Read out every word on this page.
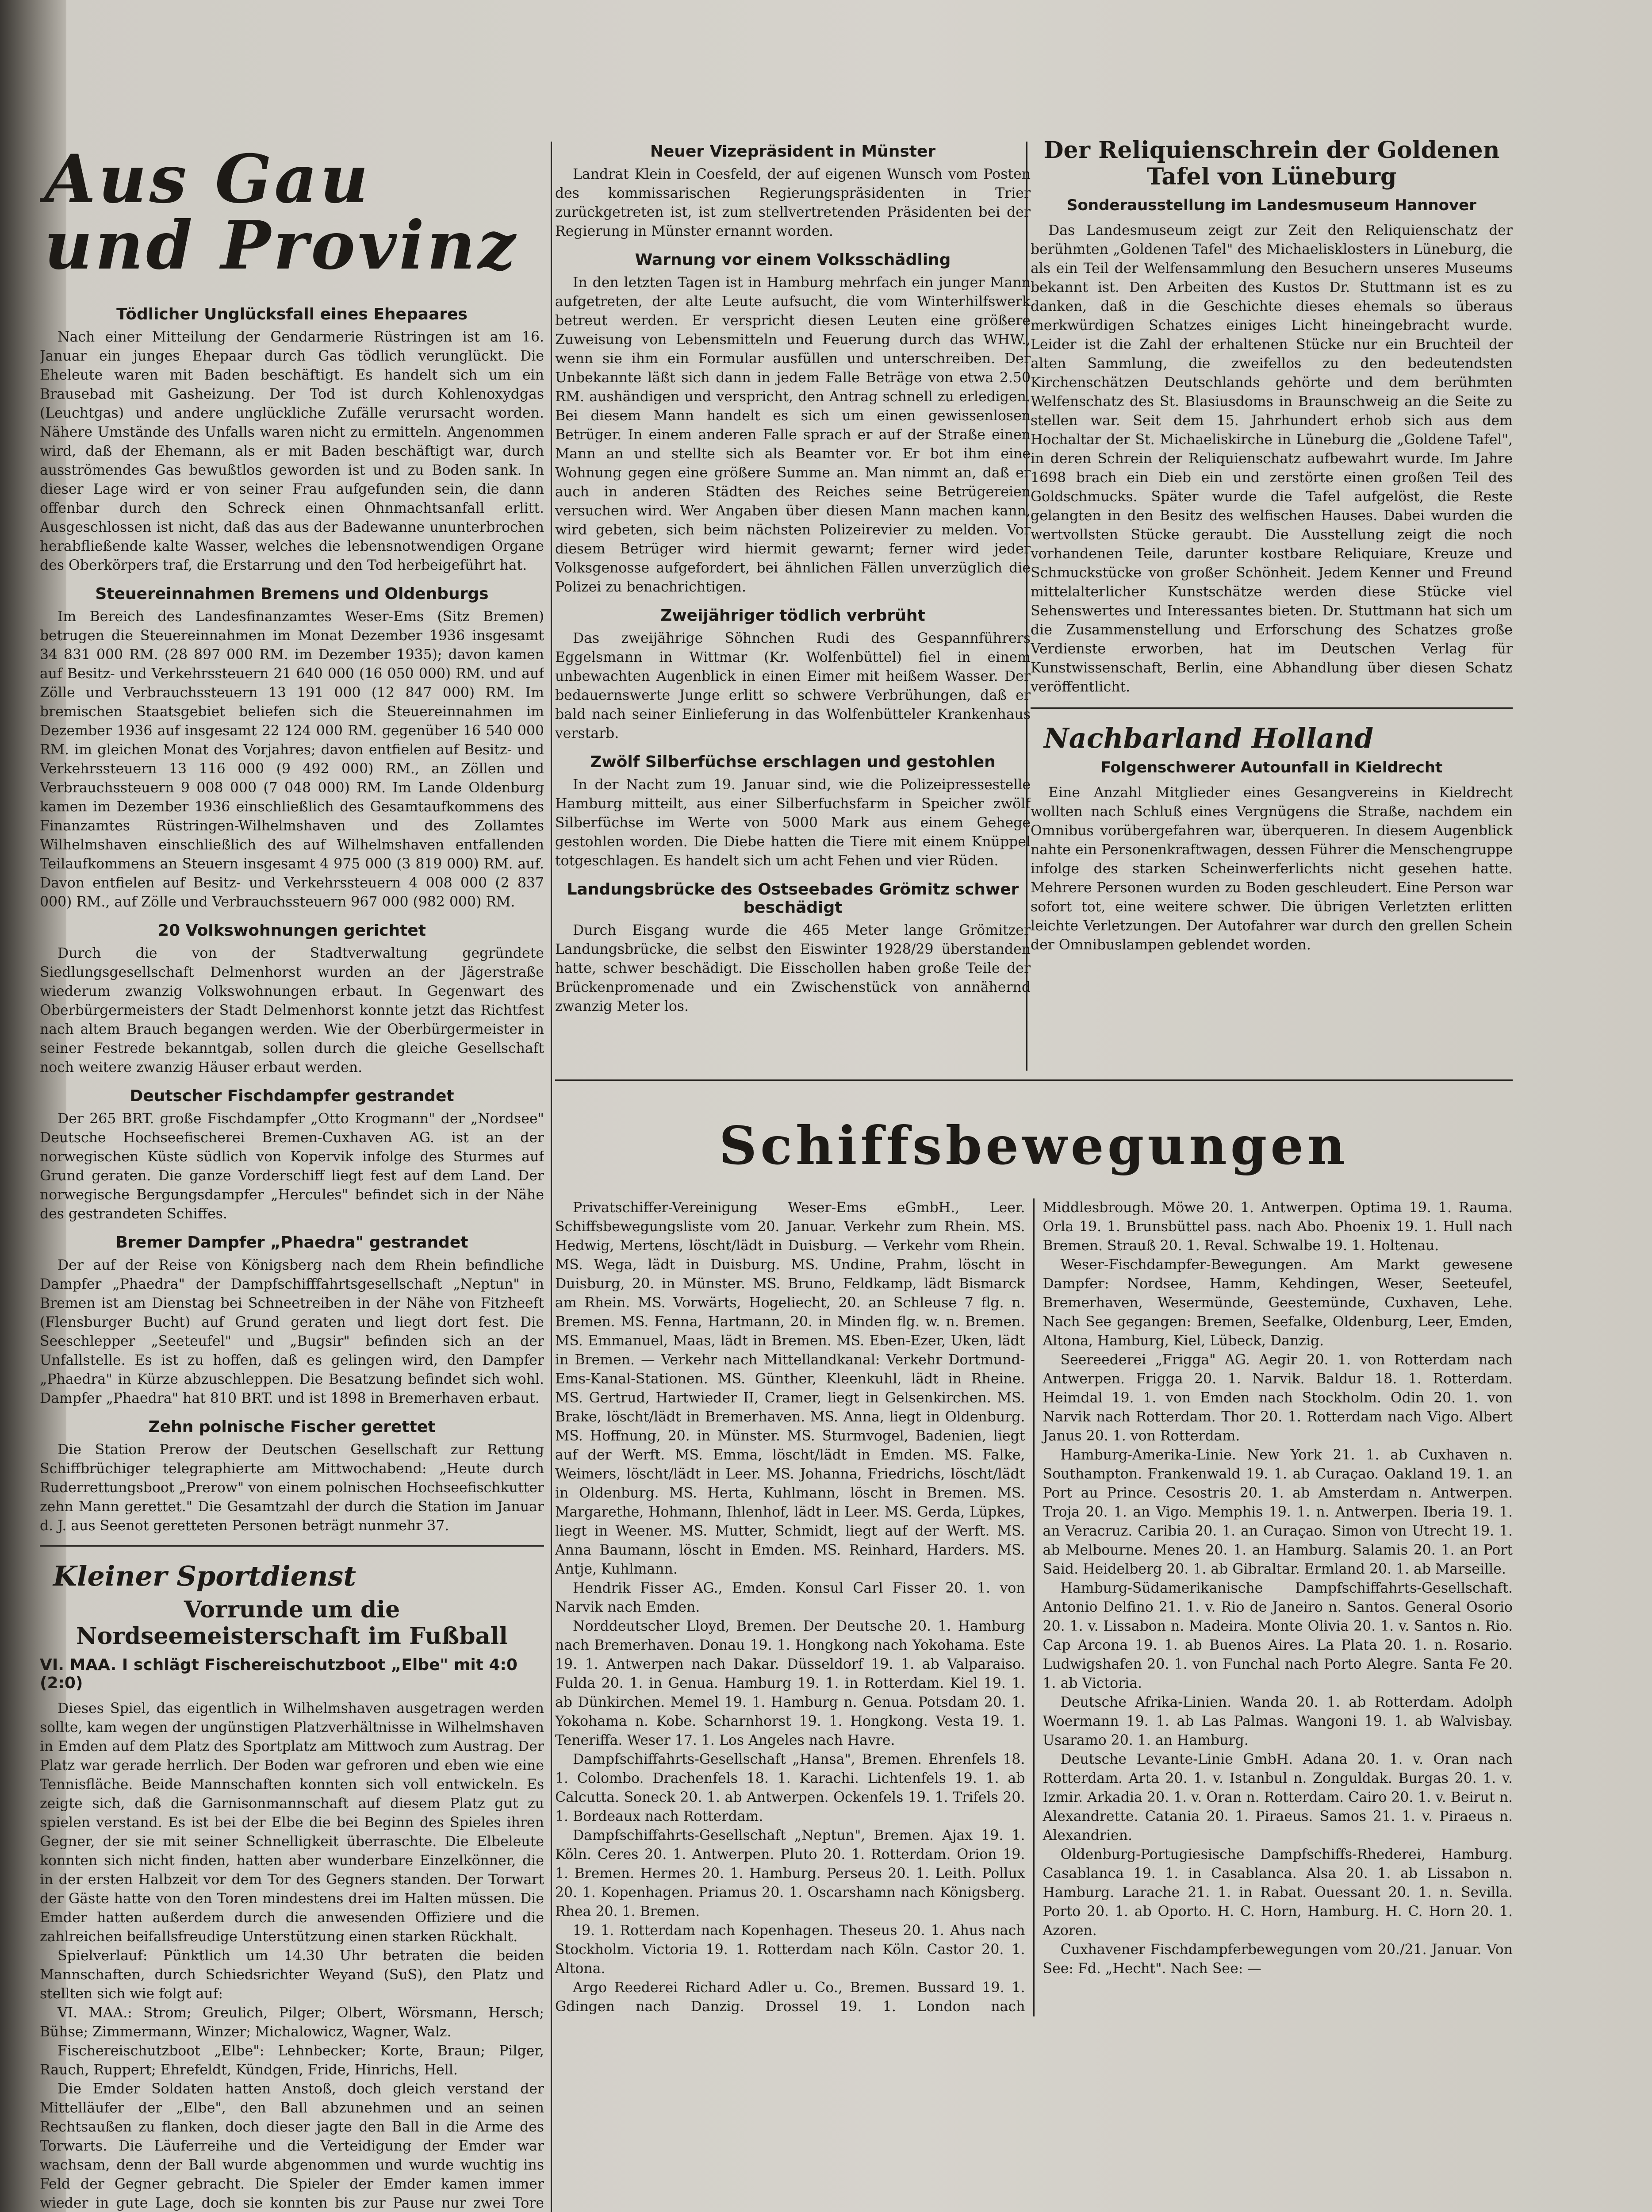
Aus Gau und Provinz
Tödlicher Unglücksfall eines Ehepaares

Nach einer Mitteilung der Gendarmerie Rüstringen ist am 16. Januar ein junges Ehepaar durch Gas tödlich verunglückt. Die Eheleute waren mit Baden beschäftigt. Es handelt sich um ein Brausebad mit Gasheizung. Der Tod ist durch Kohlenoxydgas (Leuchtgas) und andere unglückliche Zufälle verursacht worden. Nähere Umstände des Unfalls waren nicht zu ermitteln. Angenommen wird, daß der Ehemann, als er mit Baden beschäftigt war, durch ausströmendes Gas bewußtlos geworden ist und zu Boden sank. In dieser Lage wird er von seiner Frau aufgefunden sein, die dann offenbar durch den Schreck einen Ohnmachtsanfall erlitt. Ausgeschlossen ist nicht, daß das aus der Badewanne ununterbrochen herabfließende kalte Wasser, welches die lebensnotwendigen Organe des Oberkörpers traf, die Erstarrung und den Tod herbeigeführt hat.

Steuereinnahmen Bremens und Oldenburgs

Im Bereich des Landesfinanzamtes Weser-Ems (Sitz Bremen) betrugen die Steuereinnahmen im Monat Dezember 1936 insgesamt 34 831 000 RM. (28 897 000 RM. im Dezember 1935); davon kamen auf Besitz- und Verkehrssteuern 21 640 000 (16 050 000) RM. und auf Zölle und Verbrauchssteuern 13 191 000 (12 847 000) RM. Im bremischen Staatsgebiet beliefen sich die Steuereinnahmen im Dezember 1936 auf insgesamt 22 124 000 RM. gegenüber 16 540 000 RM. im gleichen Monat des Vorjahres; davon entfielen auf Besitz- und Verkehrssteuern 13 116 000 (9 492 000) RM., an Zöllen und Verbrauchssteuern 9 008 000 (7 048 000) RM. Im Lande Oldenburg kamen im Dezember 1936 einschließlich des Gesamtaufkommens des Finanzamtes Rüstringen-Wilhelmshaven und des Zollamtes Wilhelmshaven einschließlich des auf Wilhelmshaven entfallenden Teilaufkommens an Steuern insgesamt 4 975 000 (3 819 000) RM. auf. Davon entfielen auf Besitz- und Verkehrssteuern 4 008 000 (2 837 000) RM., auf Zölle und Verbrauchssteuern 967 000 (982 000) RM.

20 Volkswohnungen gerichtet

Durch die von der Stadtverwaltung gegründete Siedlungsgesellschaft Delmenhorst wurden an der Jägerstraße wiederum zwanzig Volkswohnungen erbaut. In Gegenwart des Oberbürgermeisters der Stadt Delmenhorst konnte jetzt das Richtfest nach altem Brauch begangen werden. Wie der Oberbürgermeister in seiner Festrede bekanntgab, sollen durch die gleiche Gesellschaft noch weitere zwanzig Häuser erbaut werden.

Deutscher Fischdampfer gestrandet

Der 265 BRT. große Fischdampfer „Otto Krogmann" der „Nordsee" Deutsche Hochseefischerei Bremen-Cuxhaven AG. ist an der norwegischen Küste südlich von Kopervik infolge des Sturmes auf Grund geraten. Die ganze Vorderschiff liegt fest auf dem Land. Der norwegische Bergungsdampfer „Hercules" befindet sich in der Nähe des gestrandeten Schiffes.

Bremer Dampfer „Phaedra" gestrandet

Der auf der Reise von Königsberg nach dem Rhein befindliche Dampfer „Phaedra" der Dampfschifffahrtsgesellschaft „Neptun" in Bremen ist am Dienstag bei Schneetreiben in der Nähe von Fitzheeft (Flensburger Bucht) auf Grund geraten und liegt dort fest. Die Seeschlepper „Seeteufel" und „Bugsir" befinden sich an der Unfallstelle. Es ist zu hoffen, daß es gelingen wird, den Dampfer „Phaedra" in Kürze abzuschleppen. Die Besatzung befindet sich wohl. Dampfer „Phaedra" hat 810 BRT. und ist 1898 in Bremerhaven erbaut.

Zehn polnische Fischer gerettet

Die Station Prerow der Deutschen Gesellschaft zur Rettung Schiffbrüchiger telegraphierte am Mittwochabend: „Heute durch Ruderrettungsboot „Prerow" von einem polnischen Hochseefischkutter zehn Mann gerettet." Die Gesamtzahl der durch die Station im Januar d. J. aus Seenot geretteten Personen beträgt nunmehr 37.

Kleiner Sportdienst
Vorrunde um die Nordseemeisterschaft im Fußball
VI. MAA. I schlägt Fischereischutzboot „Elbe" mit 4:0 (2:0)

Dieses Spiel, das eigentlich in Wilhelmshaven ausgetragen werden sollte, kam wegen der ungünstigen Platzverhältnisse in Wilhelmshaven in Emden auf dem Platz des Sportplatz am Mittwoch zum Austrag. Der Platz war gerade herrlich. Der Boden war gefroren und eben wie eine Tennisfläche. Beide Mannschaften konnten sich voll entwickeln. Es zeigte sich, daß die Garnisonmannschaft auf diesem Platz gut zu spielen verstand. Es ist bei der Elbe die bei Beginn des Spieles ihren Gegner, der sie mit seiner Schnelligkeit überraschte. Die Elbeleute konnten sich nicht finden, hatten aber wunderbare Einzelkönner, die in der ersten Halbzeit vor dem Tor des Gegners standen. Der Torwart der Gäste hatte von den Toren mindestens drei im Halten müssen. Die Emder hatten außerdem durch die anwesenden Offiziere und die zahlreichen beifallsfreudige Unterstützung einen starken Rückhalt.

Spielverlauf: Pünktlich um 14.30 Uhr betraten die beiden Mannschaften, durch Schiedsrichter Weyand (SuS), den Platz und stellten sich wie folgt auf:

VI. MAA.: Strom; Greulich, Pilger; Olbert, Wörsmann, Hersch; Bühse; Zimmermann, Winzer; Michalowicz, Wagner, Walz.

Fischereischutzboot „Elbe": Lehnbecker; Korte, Braun; Pilger, Rauch, Ruppert; Ehrefeldt, Kündgen, Fride, Hinrichs, Hell.

Die Emder Soldaten hatten Anstoß, doch gleich verstand der Mittelläufer der „Elbe", den Ball abzunehmen und an seinen Rechtsaußen zu flanken, doch dieser jagte den Ball in die Arme des Torwarts. Die Läuferreihe und die Verteidigung der Emder war wachsam, denn der Ball wurde abgenommen und wurde wuchtig ins Feld der Gegner gebracht. Die Spieler der Emder kamen immer wieder in gute Lage, doch sie konnten bis zur Pause nur zwei Tore

Neuer Vizepräsident in Münster

Landrat Klein in Coesfeld, der auf eigenen Wunsch vom Posten des kommissarischen Regierungspräsidenten in Trier zurückgetreten ist, ist zum stellvertretenden Präsidenten bei der Regierung in Münster ernannt worden.

Warnung vor einem Volksschädling

In den letzten Tagen ist in Hamburg mehrfach ein junger Mann aufgetreten, der alte Leute aufsucht, die vom Winterhilfswerk betreut werden. Er verspricht diesen Leuten eine größere Zuweisung von Lebensmitteln und Feuerung durch das WHW., wenn sie ihm ein Formular ausfüllen und unterschreiben. Der Unbekannte läßt sich dann in jedem Falle Beträge von etwa 2.50 RM. aushändigen und verspricht, den Antrag schnell zu erledigen. Bei diesem Mann handelt es sich um einen gewissenlosen Betrüger. In einem anderen Falle sprach er auf der Straße einen Mann an und stellte sich als Beamter vor. Er bot ihm eine Wohnung gegen eine größere Summe an. Man nimmt an, daß er auch in anderen Städten des Reiches seine Betrügereien versuchen wird. Wer Angaben über diesen Mann machen kann, wird gebeten, sich beim nächsten Polizeirevier zu melden. Vor diesem Betrüger wird hiermit gewarnt; ferner wird jeder Volksgenosse aufgefordert, bei ähnlichen Fällen unverzüglich die Polizei zu benachrichtigen.

Zweijähriger tödlich verbrüht

Das zweijährige Söhnchen Rudi des Gespannführers Eggelsmann in Wittmar (Kr. Wolfenbüttel) fiel in einem unbewachten Augenblick in einen Eimer mit heißem Wasser. Der bedauernswerte Junge erlitt so schwere Verbrühungen, daß er bald nach seiner Einlieferung in das Wolfenbütteler Krankenhaus verstarb.

Zwölf Silberfüchse erschlagen und gestohlen

In der Nacht zum 19. Januar sind, wie die Polizeipressestelle Hamburg mitteilt, aus einer Silberfuchsfarm in Speicher zwölf Silberfüchse im Werte von 5000 Mark aus einem Gehege gestohlen worden. Die Diebe hatten die Tiere mit einem Knüppel totgeschlagen. Es handelt sich um acht Fehen und vier Rüden.

Landungsbrücke des Ostseebades Grömitz schwer beschädigt

Durch Eisgang wurde die 465 Meter lange Grömitzer Landungsbrücke, die selbst den Eiswinter 1928/29 überstanden hatte, schwer beschädigt. Die Eisschollen haben große Teile der Brückenpromenade und ein Zwischenstück von annähernd zwanzig Meter los.

Der Reliquienschrein der Goldenen Tafel von Lüneburg
Sonderausstellung im Landesmuseum Hannover

Das Landesmuseum zeigt zur Zeit den Reliquienschatz der berühmten „Goldenen Tafel" des Michaelisklosters in Lüneburg, die als ein Teil der Welfensammlung den Besuchern unseres Museums bekannt ist. Den Arbeiten des Kustos Dr. Stuttmann ist es zu danken, daß in die Geschichte dieses ehemals so überaus merkwürdigen Schatzes einiges Licht hineingebracht wurde. Leider ist die Zahl der erhaltenen Stücke nur ein Bruchteil der alten Sammlung, die zweifellos zu den bedeutendsten Kirchenschätzen Deutschlands gehörte und dem berühmten Welfenschatz des St. Blasiusdoms in Braunschweig an die Seite zu stellen war. Seit dem 15. Jahrhundert erhob sich aus dem Hochaltar der St. Michaeliskirche in Lüneburg die „Goldene Tafel", in deren Schrein der Reliquienschatz aufbewahrt wurde. Im Jahre 1698 brach ein Dieb ein und zerstörte einen großen Teil des Goldschmucks. Später wurde die Tafel aufgelöst, die Reste gelangten in den Besitz des welfischen Hauses. Dabei wurden die wertvollsten Stücke geraubt. Die Ausstellung zeigt die noch vorhandenen Teile, darunter kostbare Reliquiare, Kreuze und Schmuckstücke von großer Schönheit. Jedem Kenner und Freund mittelalterlicher Kunstschätze werden diese Stücke viel Sehenswertes und Interessantes bieten. Dr. Stuttmann hat sich um die Zusammenstellung und Erforschung des Schatzes große Verdienste erworben, hat im Deutschen Verlag für Kunstwissenschaft, Berlin, eine Abhandlung über diesen Schatz veröffentlicht.

Nachbarland Holland
Folgenschwerer Autounfall in Kieldrecht

Eine Anzahl Mitglieder eines Gesangvereins in Kieldrecht wollten nach Schluß eines Vergnügens die Straße, nachdem ein Omnibus vorübergefahren war, überqueren. In diesem Augenblick nahte ein Personenkraftwagen, dessen Führer die Menschengruppe infolge des starken Scheinwerferlichts nicht gesehen hatte. Mehrere Personen wurden zu Boden geschleudert. Eine Person war sofort tot, eine weitere schwer. Die übrigen Verletzten erlitten leichte Verletzungen. Der Autofahrer war durch den grellen Schein der Omnibuslampen geblendet worden.

Schiffsbewegungen

Privatschiffer-Vereinigung Weser-Ems eGmbH., Leer. Schiffsbewegungsliste vom 20. Januar. Verkehr zum Rhein. MS. Hedwig, Mertens, löscht/lädt in Duisburg. — Verkehr vom Rhein. MS. Wega, lädt in Duisburg. MS. Undine, Prahm, löscht in Duisburg, 20. in Münster. MS. Bruno, Feldkamp, lädt Bismarck am Rhein. MS. Vorwärts, Hogeliecht, 20. an Schleuse 7 flg. n. Bremen. MS. Fenna, Hartmann, 20. in Minden flg. w. n. Bremen. MS. Emmanuel, Maas, lädt in Bremen. MS. Eben-Ezer, Uken, lädt in Bremen. — Verkehr nach Mittellandkanal: Verkehr Dortmund-Ems-Kanal-Stationen. MS. Günther, Kleenkuhl, lädt in Rheine. MS. Gertrud, Hartwieder II, Cramer, liegt in Gelsenkirchen. MS. Brake, löscht/lädt in Bremerhaven. MS. Anna, liegt in Oldenburg. MS. Hoffnung, 20. in Münster. MS. Sturmvogel, Badenien, liegt auf der Werft. MS. Emma, löscht/lädt in Emden. MS. Falke, Weimers, löscht/lädt in Leer. MS. Johanna, Friedrichs, löscht/lädt in Oldenburg. MS. Herta, Kuhlmann, löscht in Bremen. MS. Margarethe, Hohmann, Ihlenhof, lädt in Leer. MS. Gerda, Lüpkes, liegt in Weener. MS. Mutter, Schmidt, liegt auf der Werft. MS. Anna Baumann, löscht in Emden. MS. Reinhard, Harders. MS. Antje, Kuhlmann.

Hendrik Fisser AG., Emden. Konsul Carl Fisser 20. 1. von Narvik nach Emden.

Norddeutscher Lloyd, Bremen. Der Deutsche 20. 1. Hamburg nach Bremerhaven. Donau 19. 1. Hongkong nach Yokohama. Este 19. 1. Antwerpen nach Dakar. Düsseldorf 19. 1. ab Valparaiso. Fulda 20. 1. in Genua. Hamburg 19. 1. in Rotterdam. Kiel 19. 1. ab Dünkirchen. Memel 19. 1. Hamburg n. Genua. Potsdam 20. 1. Yokohama n. Kobe. Scharnhorst 19. 1. Hongkong. Vesta 19. 1. Teneriffa. Weser 17. 1. Los Angeles nach Havre.

Dampfschiffahrts-Gesellschaft „Hansa", Bremen. Ehrenfels 18. 1. Colombo. Drachenfels 18. 1. Karachi. Lichtenfels 19. 1. ab Calcutta. Soneck 20. 1. ab Antwerpen. Ockenfels 19. 1. Trifels 20. 1. Bordeaux nach Rotterdam.

Dampfschiffahrts-Gesellschaft „Neptun", Bremen. Ajax 19. 1. Köln. Ceres 20. 1. Antwerpen. Pluto 20. 1. Rotterdam. Orion 19. 1. Bremen. Hermes 20. 1. Hamburg. Perseus 20. 1. Leith. Pollux 20. 1. Kopenhagen. Priamus 20. 1. Oscarshamn nach Königsberg. Rhea 20. 1. Bremen.

19. 1. Rotterdam nach Kopenhagen. Theseus 20. 1. Ahus nach Stockholm. Victoria 19. 1. Rotterdam nach Köln. Castor 20. 1. Altona.

Argo Reederei Richard Adler u. Co., Bremen. Bussard 19. 1. Gdingen nach Danzig. Drossel 19. 1. London nach Middlesbrough. Möwe 20. 1. Antwerpen. Optima 19. 1. Rauma. Orla 19. 1. Brunsbüttel pass. nach Abo. Phoenix 19. 1. Hull nach Bremen. Strauß 20. 1. Reval. Schwalbe 19. 1. Holtenau.

Weser-Fischdampfer-Bewegungen. Am Markt gewesene Dampfer: Nordsee, Hamm, Kehdingen, Weser, Seeteufel, Bremerhaven, Wesermünde, Geestemünde, Cuxhaven, Lehe. Nach See gegangen: Bremen, Seefalke, Oldenburg, Leer, Emden, Altona, Hamburg, Kiel, Lübeck, Danzig.

Seereederei „Frigga" AG. Aegir 20. 1. von Rotterdam nach Antwerpen. Frigga 20. 1. Narvik. Baldur 18. 1. Rotterdam. Heimdal 19. 1. von Emden nach Stockholm. Odin 20. 1. von Narvik nach Rotterdam. Thor 20. 1. Rotterdam nach Vigo. Albert Janus 20. 1. von Rotterdam.

Hamburg-Amerika-Linie. New York 21. 1. ab Cuxhaven n. Southampton. Frankenwald 19. 1. ab Curaçao. Oakland 19. 1. an Port au Prince. Cesostris 20. 1. ab Amsterdam n. Antwerpen. Troja 20. 1. an Vigo. Memphis 19. 1. n. Antwerpen. Iberia 19. 1. an Veracruz. Caribia 20. 1. an Curaçao. Simon von Utrecht 19. 1. ab Melbourne. Menes 20. 1. an Hamburg. Salamis 20. 1. an Port Said. Heidelberg 20. 1. ab Gibraltar. Ermland 20. 1. ab Marseille.

Hamburg-Südamerikanische Dampfschiffahrts-Gesellschaft. Antonio Delfino 21. 1. v. Rio de Janeiro n. Santos. General Osorio 20. 1. v. Lissabon n. Madeira. Monte Olivia 20. 1. v. Santos n. Rio. Cap Arcona 19. 1. ab Buenos Aires. La Plata 20. 1. n. Rosario. Ludwigshafen 20. 1. von Funchal nach Porto Alegre. Santa Fe 20. 1. ab Victoria.

Deutsche Afrika-Linien. Wanda 20. 1. ab Rotterdam. Adolph Woermann 19. 1. ab Las Palmas. Wangoni 19. 1. ab Walvisbay. Usaramo 20. 1. an Hamburg.

Deutsche Levante-Linie GmbH. Adana 20. 1. v. Oran nach Rotterdam. Arta 20. 1. v. Istanbul n. Zonguldak. Burgas 20. 1. v. Izmir. Arkadia 20. 1. v. Oran n. Rotterdam. Cairo 20. 1. v. Beirut n. Alexandrette. Catania 20. 1. Piraeus. Samos 21. 1. v. Piraeus n. Alexandrien.

Oldenburg-Portugiesische Dampfschiffs-Rhederei, Hamburg. Casablanca 19. 1. in Casablanca. Alsa 20. 1. ab Lissabon n. Hamburg. Larache 21. 1. in Rabat. Ouessant 20. 1. n. Sevilla. Porto 20. 1. ab Oporto. H. C. Horn, Hamburg. H. C. Horn 20. 1. Azoren.

Cuxhavener Fischdampferbewegungen vom 20./21. Januar. Von See: Fd. „Hecht". Nach See: —
